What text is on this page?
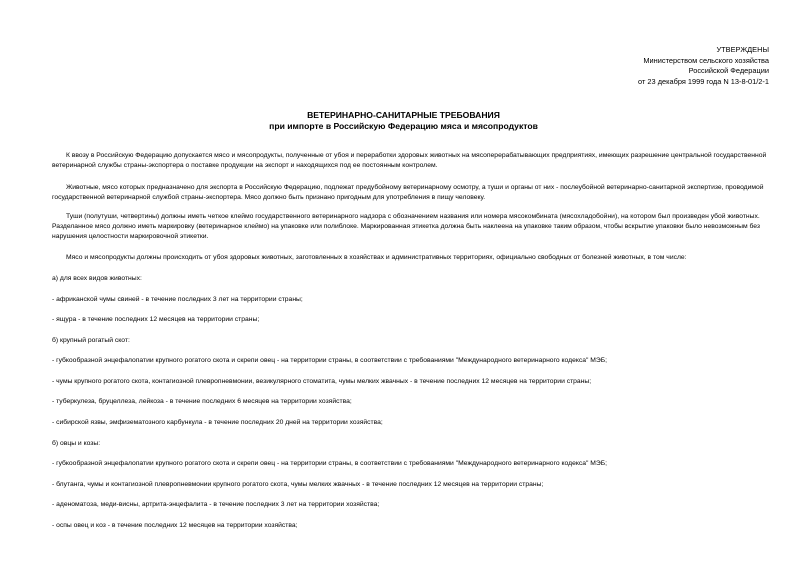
УТВЕРЖДЕНЫ
Министерством сельского хозяйства
Российской Федерации
от 23 декабря 1999 года N 13-8-01/2-1
ВЕТЕРИНАРНО-САНИТАРНЫЕ ТРЕБОВАНИЯ
при импорте в Российскую Федерацию мяса и мясопродуктов
К ввозу в Российскую Федерацию допускается мясо и мясопродукты, полученные от убоя и переработки здоровых животных на мясоперерабатывающих предприятиях, имеющих разрешение центральной государственной ветеринарной службы страны-экспортера о поставке продукции на экспорт и находящихся под ее постоянным контролем.
Животные, мясо которых предназначено для экспорта в Российскую Федерацию, подлежат предубойному ветеринарному осмотру, а туши и органы от них - послеубойной ветеринарно-санитарной экспертизе, проводимой государственной ветеринарной службой страны-экспортера. Мясо должно быть признано пригодным для употребления в пищу человеку.
Туши (полутуши, четвертины) должны иметь четкое клеймо государственного ветеринарного надзора с обозначением названия или номера мясокомбината (мясохладобойни), на котором был произведен убой животных. Разделанное мясо должно иметь маркировку (ветеринарное клеймо) на упаковке или полиблоке. Маркированная этикетка должна быть наклеена на упаковке таким образом, чтобы вскрытие упаковки было невозможным без нарушения целостности маркировочной этикетки.
Мясо и мясопродукты должны происходить от убоя здоровых животных, заготовленных в хозяйствах и административных территориях, официально свободных от болезней животных, в том числе:
а) для всех видов животных:
- африканской чумы свиней - в течение последних 3 лет на территории страны;
- ящура - в течение последних 12 месяцев на территории страны;
б) крупный рогатый скот:
- губкообразной энцефалопатии крупного рогатого скота и скрепи овец - на территории страны, в соответствии с требованиями "Международного ветеринарного кодекса" МЭБ;
- чумы крупного рогатого скота, контагиозной плевропневмонии, везикулярного стоматита, чумы мелких жвачных - в течение последних 12 месяцев на территории страны;
- туберкулеза, бруцеллеза, лейкоза - в течение последних 6 месяцев на территории хозяйства;
- сибирской язвы, эмфизематозного карбункула - в течение последних 20 дней на территории хозяйства;
б) овцы и козы:
- губкообразной энцефалопатии крупного рогатого скота и скрепи овец - на территории страны, в соответствии с требованиями "Международного ветеринарного кодекса" МЭБ;
- блутанга, чумы и контагиозной плевропневмонии крупного рогатого скота, чумы мелких жвачных - в течение последних 12 месяцев на территории страны;
- аденоматоза, меди-висны, артрита-энцефалита - в течение последних 3 лет на территории хозяйства;
- оспы овец и коз - в течение последних 12 месяцев на территории хозяйства;
